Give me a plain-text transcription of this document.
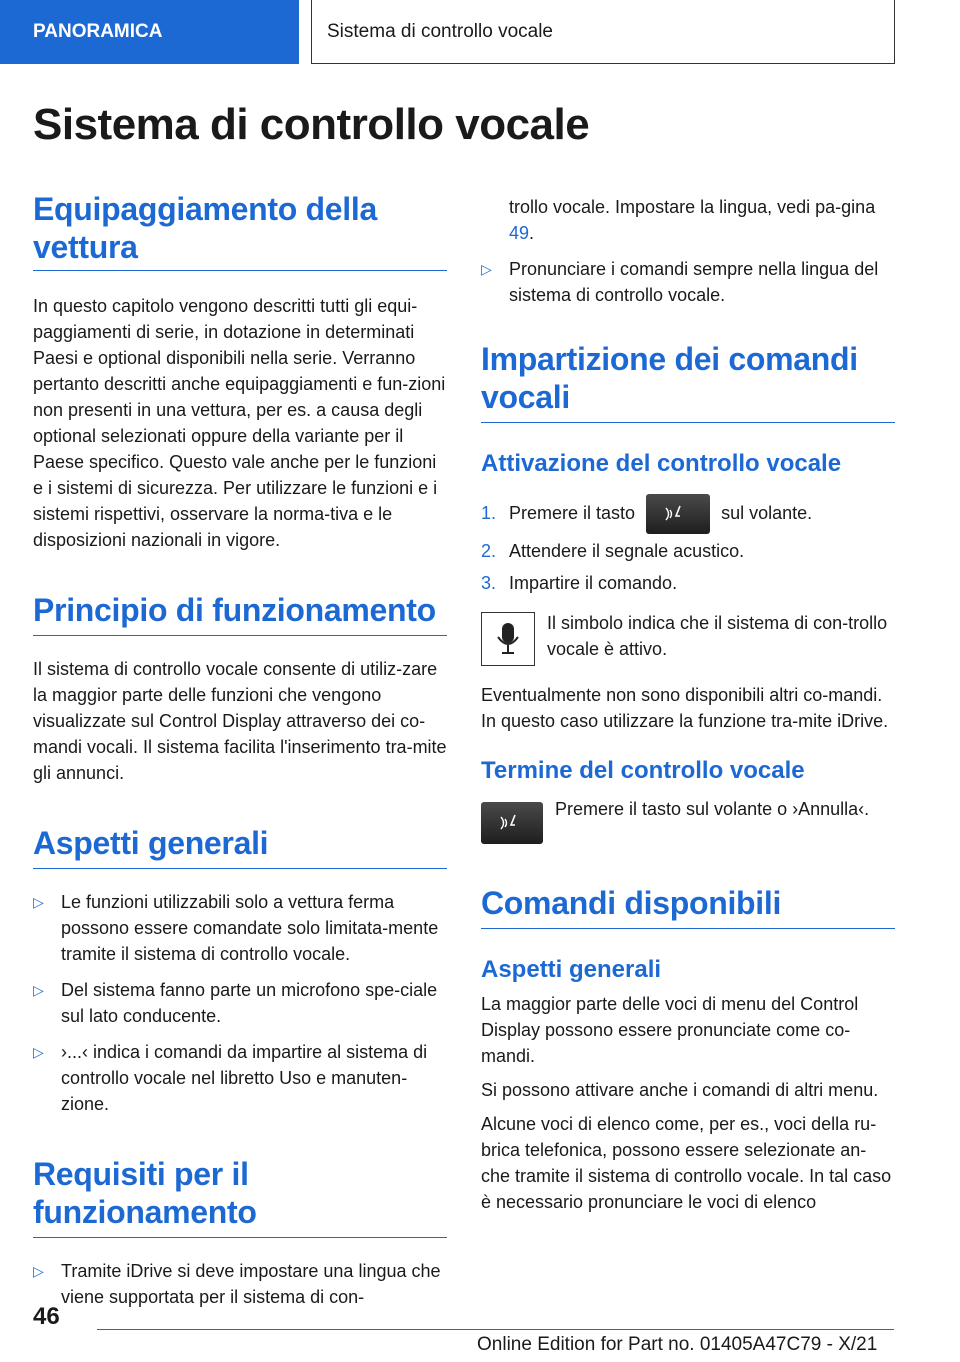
PANORAMICA	Sistema di controllo vocale
Sistema di controllo vocale
Equipaggiamento della vettura

In questo capitolo vengono descritti tutti gli equi-paggiamenti di serie, in dotazione in determinati Paesi e optional disponibili nella serie. Verranno pertanto descritti anche equipaggiamenti e fun-zioni non presenti in una vettura, per es. a causa degli optional selezionati oppure della variante per il Paese specifico. Questo vale anche per le funzioni e i sistemi di sicurezza. Per utilizzare le funzioni e i sistemi rispettivi, osservare la norma-tiva e le disposizioni nazionali in vigore.

Principio di funzionamento

Il sistema di controllo vocale consente di utiliz-zare la maggior parte delle funzioni che vengono visualizzate sul Control Display attraverso dei co-mandi vocali. Il sistema facilita l'inserimento tra-mite gli annunci.

Aspetti generali
▷ Le funzioni utilizzabili solo a vettura ferma possono essere comandate solo limitata-mente tramite il sistema di controllo vocale.
▷ Del sistema fanno parte un microfono spe-ciale sul lato conducente.
▷ ›...‹ indica i comandi da impartire al sistema di controllo vocale nel libretto Uso e manuten-zione.
Requisiti per il funzionamento
▷ Tramite iDrive si deve impostare una lingua che viene supportata per il sistema di con-
trollo vocale. Impostare la lingua, vedi pa-gina 49.
▷ Pronunciare i comandi sempre nella lingua del sistema di controllo vocale.
Impartizione dei comandi vocali
Attivazione del controllo vocale
1. Premere il tasto	sul volante.
2. Attendere il segnale acustico.
3. Impartire il comando.

Il simbolo indica che il sistema di con-trollo vocale è attivo.

Eventualmente non sono disponibili altri co-mandi. In questo caso utilizzare la funzione tra-mite iDrive.

Termine del controllo vocale

Premere il tasto sul volante o ›Annulla‹.

Comandi disponibili
Aspetti generali

La maggior parte delle voci di menu del Control Display possono essere pronunciate come co-mandi.

Si possono attivare anche i comandi di altri menu.

Alcune voci di elenco come, per es., voci della ru-brica telefonica, possono essere selezionate an-che tramite il sistema di controllo vocale. In tal caso è necessario pronunciare le voci di elenco

46
Online Edition for Part no. 01405A47C79 - X/21
